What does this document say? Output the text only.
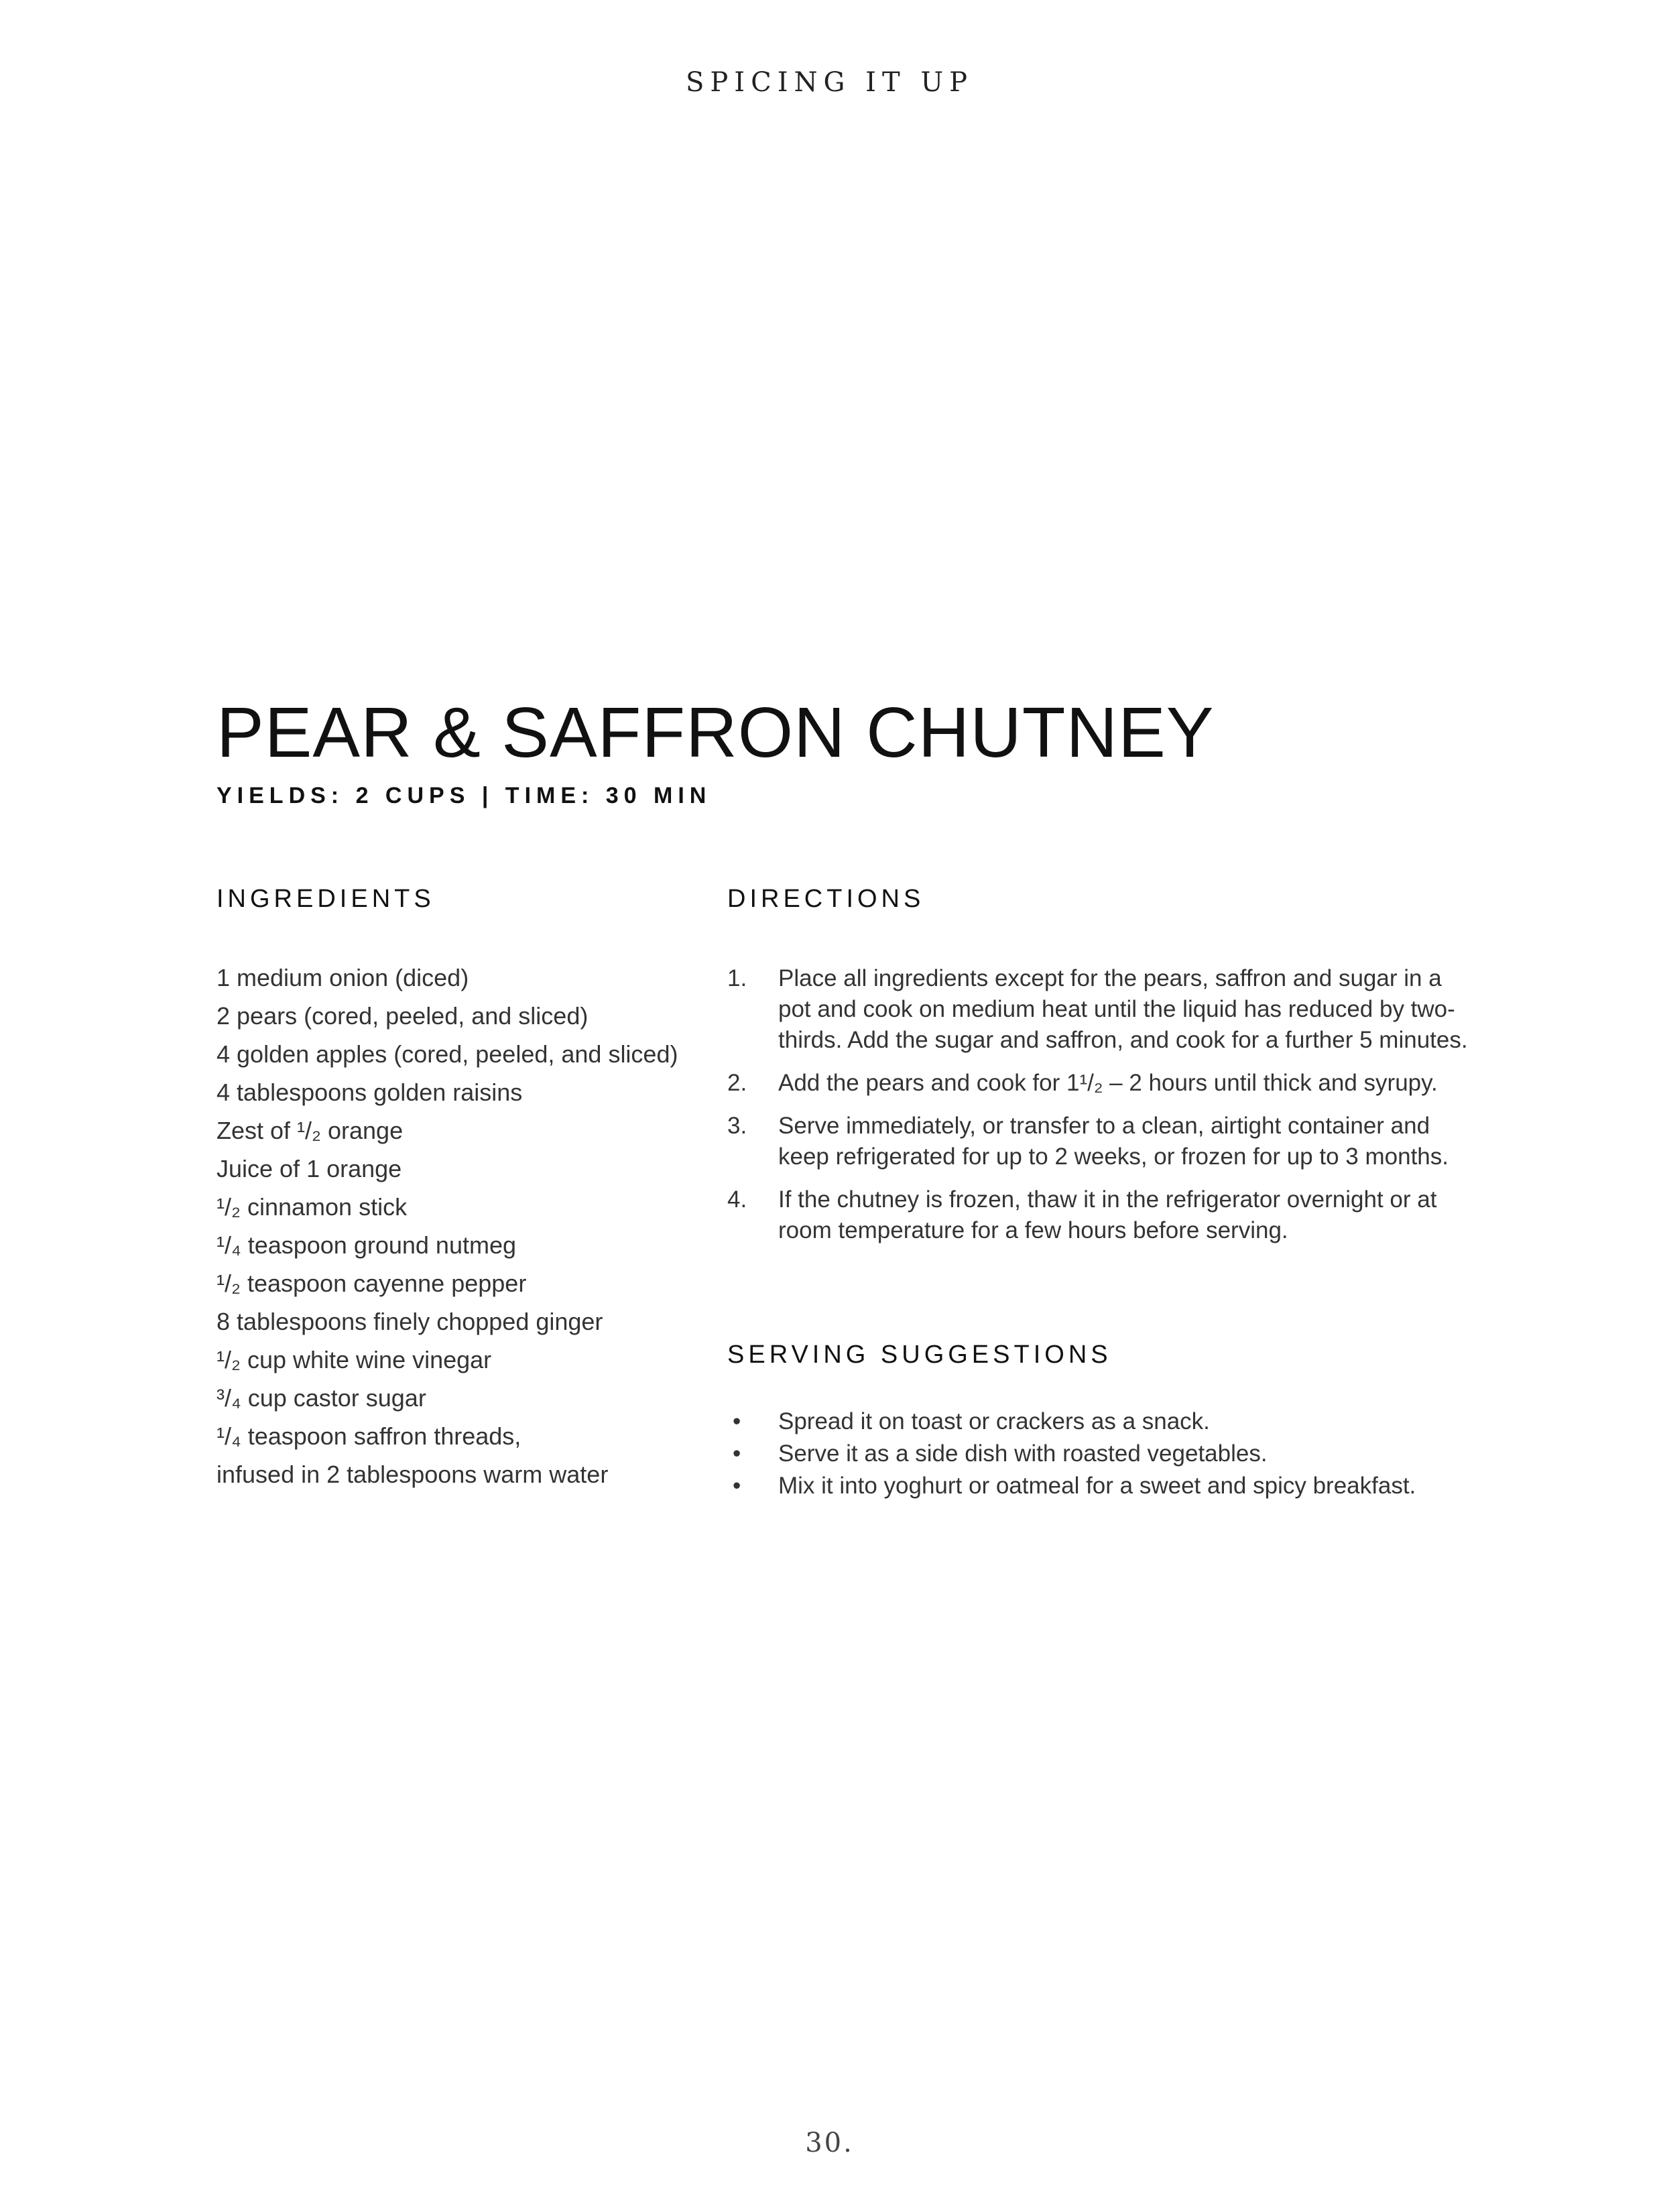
SPICING IT UP
PEAR & SAFFRON CHUTNEY
YIELDS: 2 CUPS | TIME: 30 MIN
INGREDIENTS
1 medium onion (diced)
2 pears (cored, peeled, and sliced)
4 golden apples (cored, peeled, and sliced)
4 tablespoons golden raisins
Zest of ¹/₂ orange
Juice of 1 orange
¹/₂ cinnamon stick
¹/₄ teaspoon ground nutmeg
¹/₂ teaspoon cayenne pepper
8 tablespoons finely chopped ginger
¹/₂ cup white wine vinegar
³/₄ cup castor sugar
¹/₄ teaspoon saffron threads,
infused in 2 tablespoons warm water
DIRECTIONS
1.	Place all ingredients except for the pears, saffron and sugar in a pot and cook on medium heat until the liquid has reduced by two-thirds. Add the sugar and saffron, and cook for a further 5 minutes.
2.	Add the pears and cook for 1¹/₂ – 2 hours until thick and syrupy.
3.	Serve immediately, or transfer to a clean, airtight container and keep refrigerated for up to 2 weeks, or frozen for up to 3 months.
4.	If the chutney is frozen, thaw it in the refrigerator overnight or at room temperature for a few hours before serving.
SERVING SUGGESTIONS
•	Spread it on toast or crackers as a snack.
•	Serve it as a side dish with roasted vegetables.
•	Mix it into yoghurt or oatmeal for a sweet and spicy breakfast.
30.
